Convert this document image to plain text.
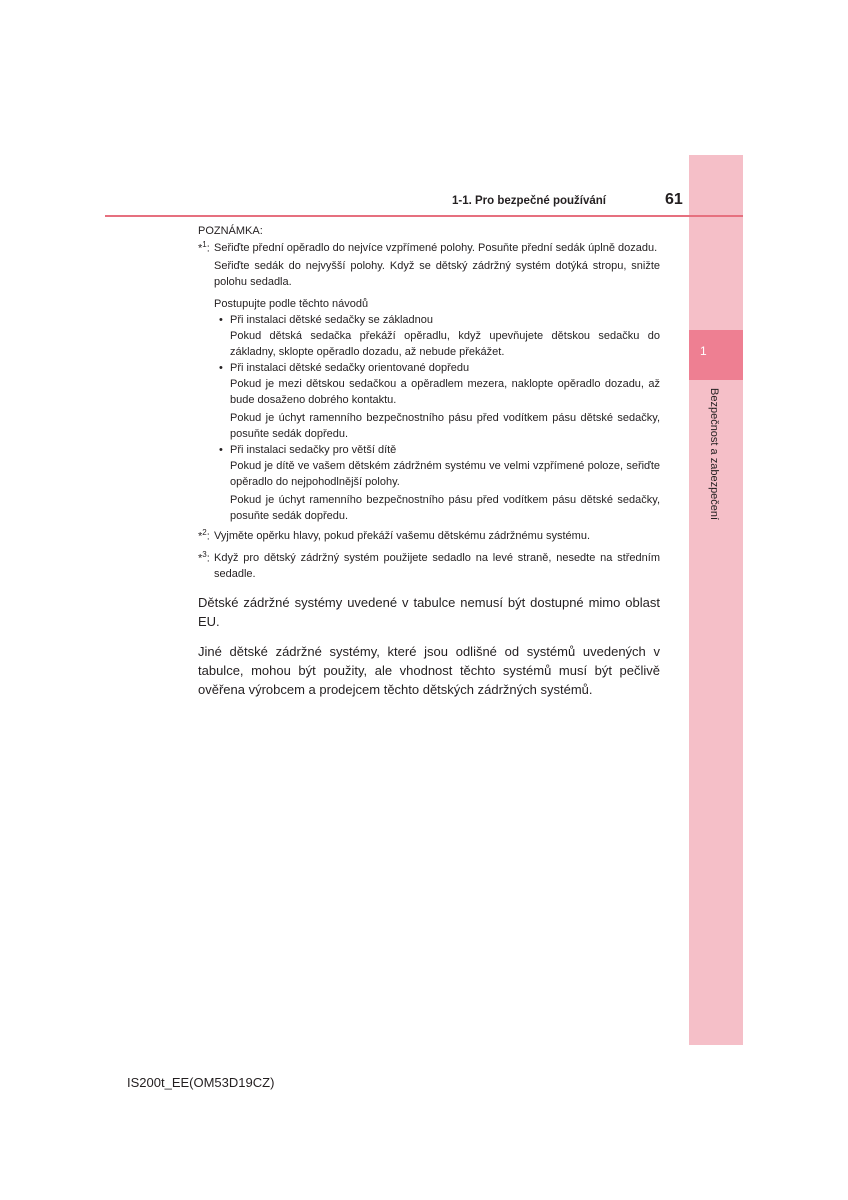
1
Bezpečnost a zabezpečení
1-1. Pro bezpečné používání	61
POZNÁMKA:
*$^1$: Seřiďte přední opěradlo do nejvíce vzpřímené polohy. Posuňte přední sedák úplně dozadu.

Seřiďte sedák do nejvyšší polohy. Když se dětský zádržný systém dotýká stropu, snižte polohu sedadla.

Postupujte podle těchto návodů

• Při instalaci dětské sedačky se základnou

Pokud dětská sedačka překáží opěradlu, když upevňujete dětskou sedačku do základny, sklopte opěradlo dozadu, až nebude překážet.

• Při instalaci dětské sedačky orientované dopředu

Pokud je mezi dětskou sedačkou a opěradlem mezera, naklopte opěradlo dozadu, až bude dosaženo dobrého kontaktu.

Pokud je úchyt ramenního bezpečnostního pásu před vodítkem pásu dětské sedačky, posuňte sedák dopředu.

• Při instalaci sedačky pro větší dítě

Pokud je dítě ve vašem dětském zádržném systému ve velmi vzpřímené poloze, seřiďte opěradlo do nejpohodlnější polohy.

Pokud je úchyt ramenního bezpečnostního pásu před vodítkem pásu dětské sedačky, posuňte sedák dopředu.

*$^2$: Vyjměte opěrku hlavy, pokud překáží vašemu dětskému zádržnému systému.

*$^3$: Když pro dětský zádržný systém použijete sedadlo na levé straně, nesedte na středním sedadle.

Dětské zádržné systémy uvedené v tabulce nemusí být dostupné mimo oblast EU.

Jiné dětské zádržné systémy, které jsou odlišné od systémů uvedených v tabulce, mohou být použity, ale vhodnost těchto systémů musí být pečlivě ověřena výrobcem a prodejcem těchto dětských zádržných systémů.

IS200t_EE(OM53D19CZ)
